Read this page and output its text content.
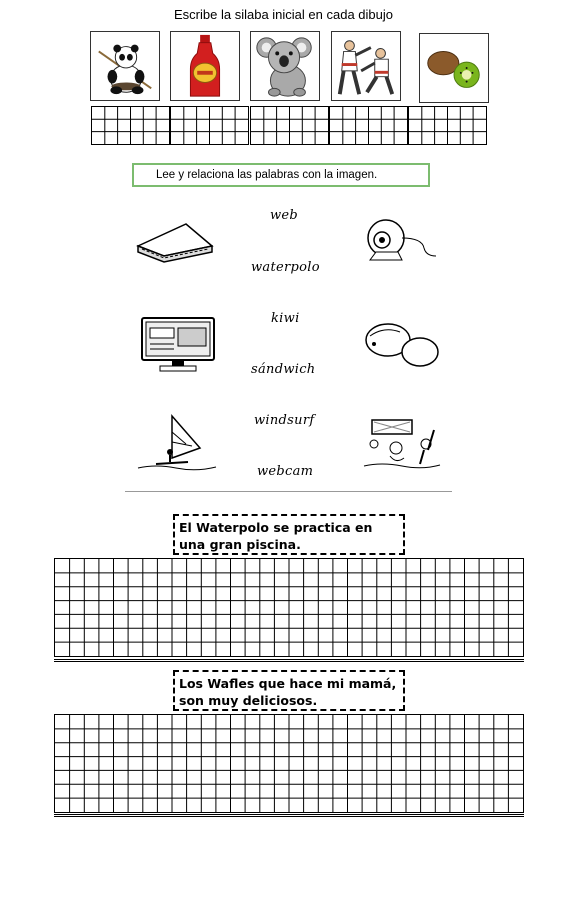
Escribe la silaba inicial en cada dibujo
Lee y relaciona las palabras con la imagen.
web
waterpolo
kiwi
sándwich
windsurf
webcam
El Waterpolo se practica en una gran piscina.
Los Wafles que hace mi mamá, son muy deliciosos.
